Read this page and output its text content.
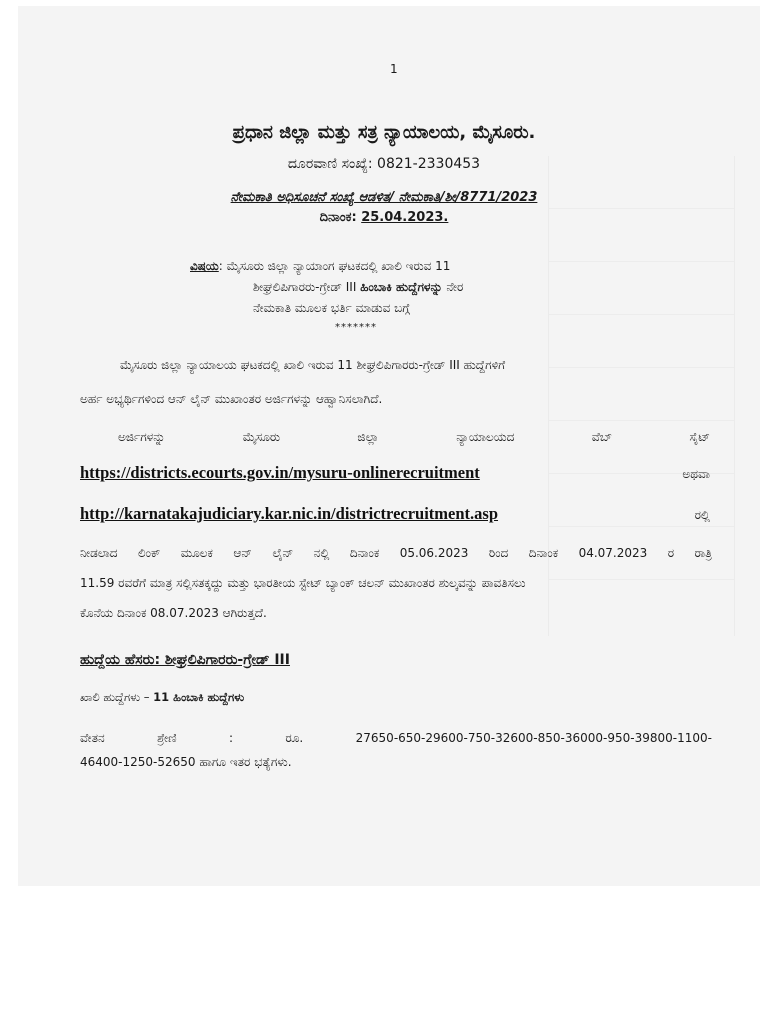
1
ಪ್ರಧಾನ ಜಿಲ್ಲಾ ಮತ್ತು ಸತ್ರ ನ್ಯಾಯಾಲಯ, ಮೈಸೂರು.
ದೂರವಾಣಿ ಸಂಖ್ಯೆ: 0821-2330453
ನೇಮಕಾತಿ ಅಧಿಸೂಚನೆ ಸಂಖ್ಯೆ ಆಡಳಿತ/ ನೇಮಕಾತಿ/ಶೀ/8771/2023
ದಿನಾಂಕ: 25.04.2023.
ವಿಷಯ: ಮೈಸೂರು ಜಿಲ್ಲಾ ನ್ಯಾಯಾಂಗ ಘಟಕದಲ್ಲಿ ಖಾಲಿ ಇರುವ 11
ಶೀಘ್ರಲಿಪಿಗಾರರು-ಗ್ರೇಡ್ III ಹಿಂಬಾಕಿ ಹುದ್ದೆಗಳನ್ನು ನೇರ
ನೇಮಕಾತಿ ಮೂಲಕ ಭರ್ತಿ ಮಾಡುವ ಬಗ್ಗೆ
*******
ಮೈಸೂರು ಜಿಲ್ಲಾ ನ್ಯಾಯಾಲಯ ಘಟಕದಲ್ಲಿ ಖಾಲಿ ಇರುವ 11 ಶೀಘ್ರಲಿಪಿಗಾರರು-ಗ್ರೇಡ್ III ಹುದ್ದೆಗಳಿಗೆ
ಅರ್ಹ ಅಭ್ಯರ್ಥಿಗಳಿಂದ ಆನ್ ಲೈನ್ ಮುಖಾಂತರ ಅರ್ಜಿಗಳನ್ನು ಆಹ್ವಾನಿಸಲಾಗಿದೆ.
ಅರ್ಜಿಗಳನ್ನು	ಮೈಸೂರು	ಜಿಲ್ಲಾ	ನ್ಯಾಯಾಲಯದ	ವೆಬ್	ಸೈಟ್
https://districts.ecourts.gov.in/mysuru-onlinerecruitment	ಅಥವಾ
http://karnatakajudiciary.kar.nic.in/districtrecruitment.asp	ರಲ್ಲಿ
ನೀಡಲಾದ ಲಿಂಕ್ ಮೂಲಕ ಆನ್ ಲೈನ್ ನಲ್ಲಿ ದಿನಾಂಕ 05.06.2023 ರಿಂದ ದಿನಾಂಕ 04.07.2023 ರ ರಾತ್ರಿ
11.59 ರವರೆಗೆ ಮಾತ್ರ ಸಲ್ಲಿಸತಕ್ಕದ್ದು ಮತ್ತು ಭಾರತೀಯ ಸ್ಟೇಟ್ ಬ್ಯಾಂಕ್ ಚಲನ್ ಮುಖಾಂತರ ಶುಲ್ಕವನ್ನು ಪಾವತಿಸಲು
ಕೊನೆಯ ದಿನಾಂಕ 08.07.2023 ಆಗಿರುತ್ತದೆ.
ಹುದ್ದೆಯ ಹೆಸರು: ಶೀಘ್ರಲಿಪಿಗಾರರು-ಗ್ರೇಡ್ III
ಖಾಲಿ ಹುದ್ದೆಗಳು – 11 ಹಿಂಬಾಕಿ ಹುದ್ದೆಗಳು
ವೇತನ	ಶ್ರೇಣಿ	:	ರೂ.	27650-650-29600-750-32600-850-36000-950-39800-1100-
46400-1250-52650 ಹಾಗೂ ಇತರ ಭತ್ಯೆಗಳು.
